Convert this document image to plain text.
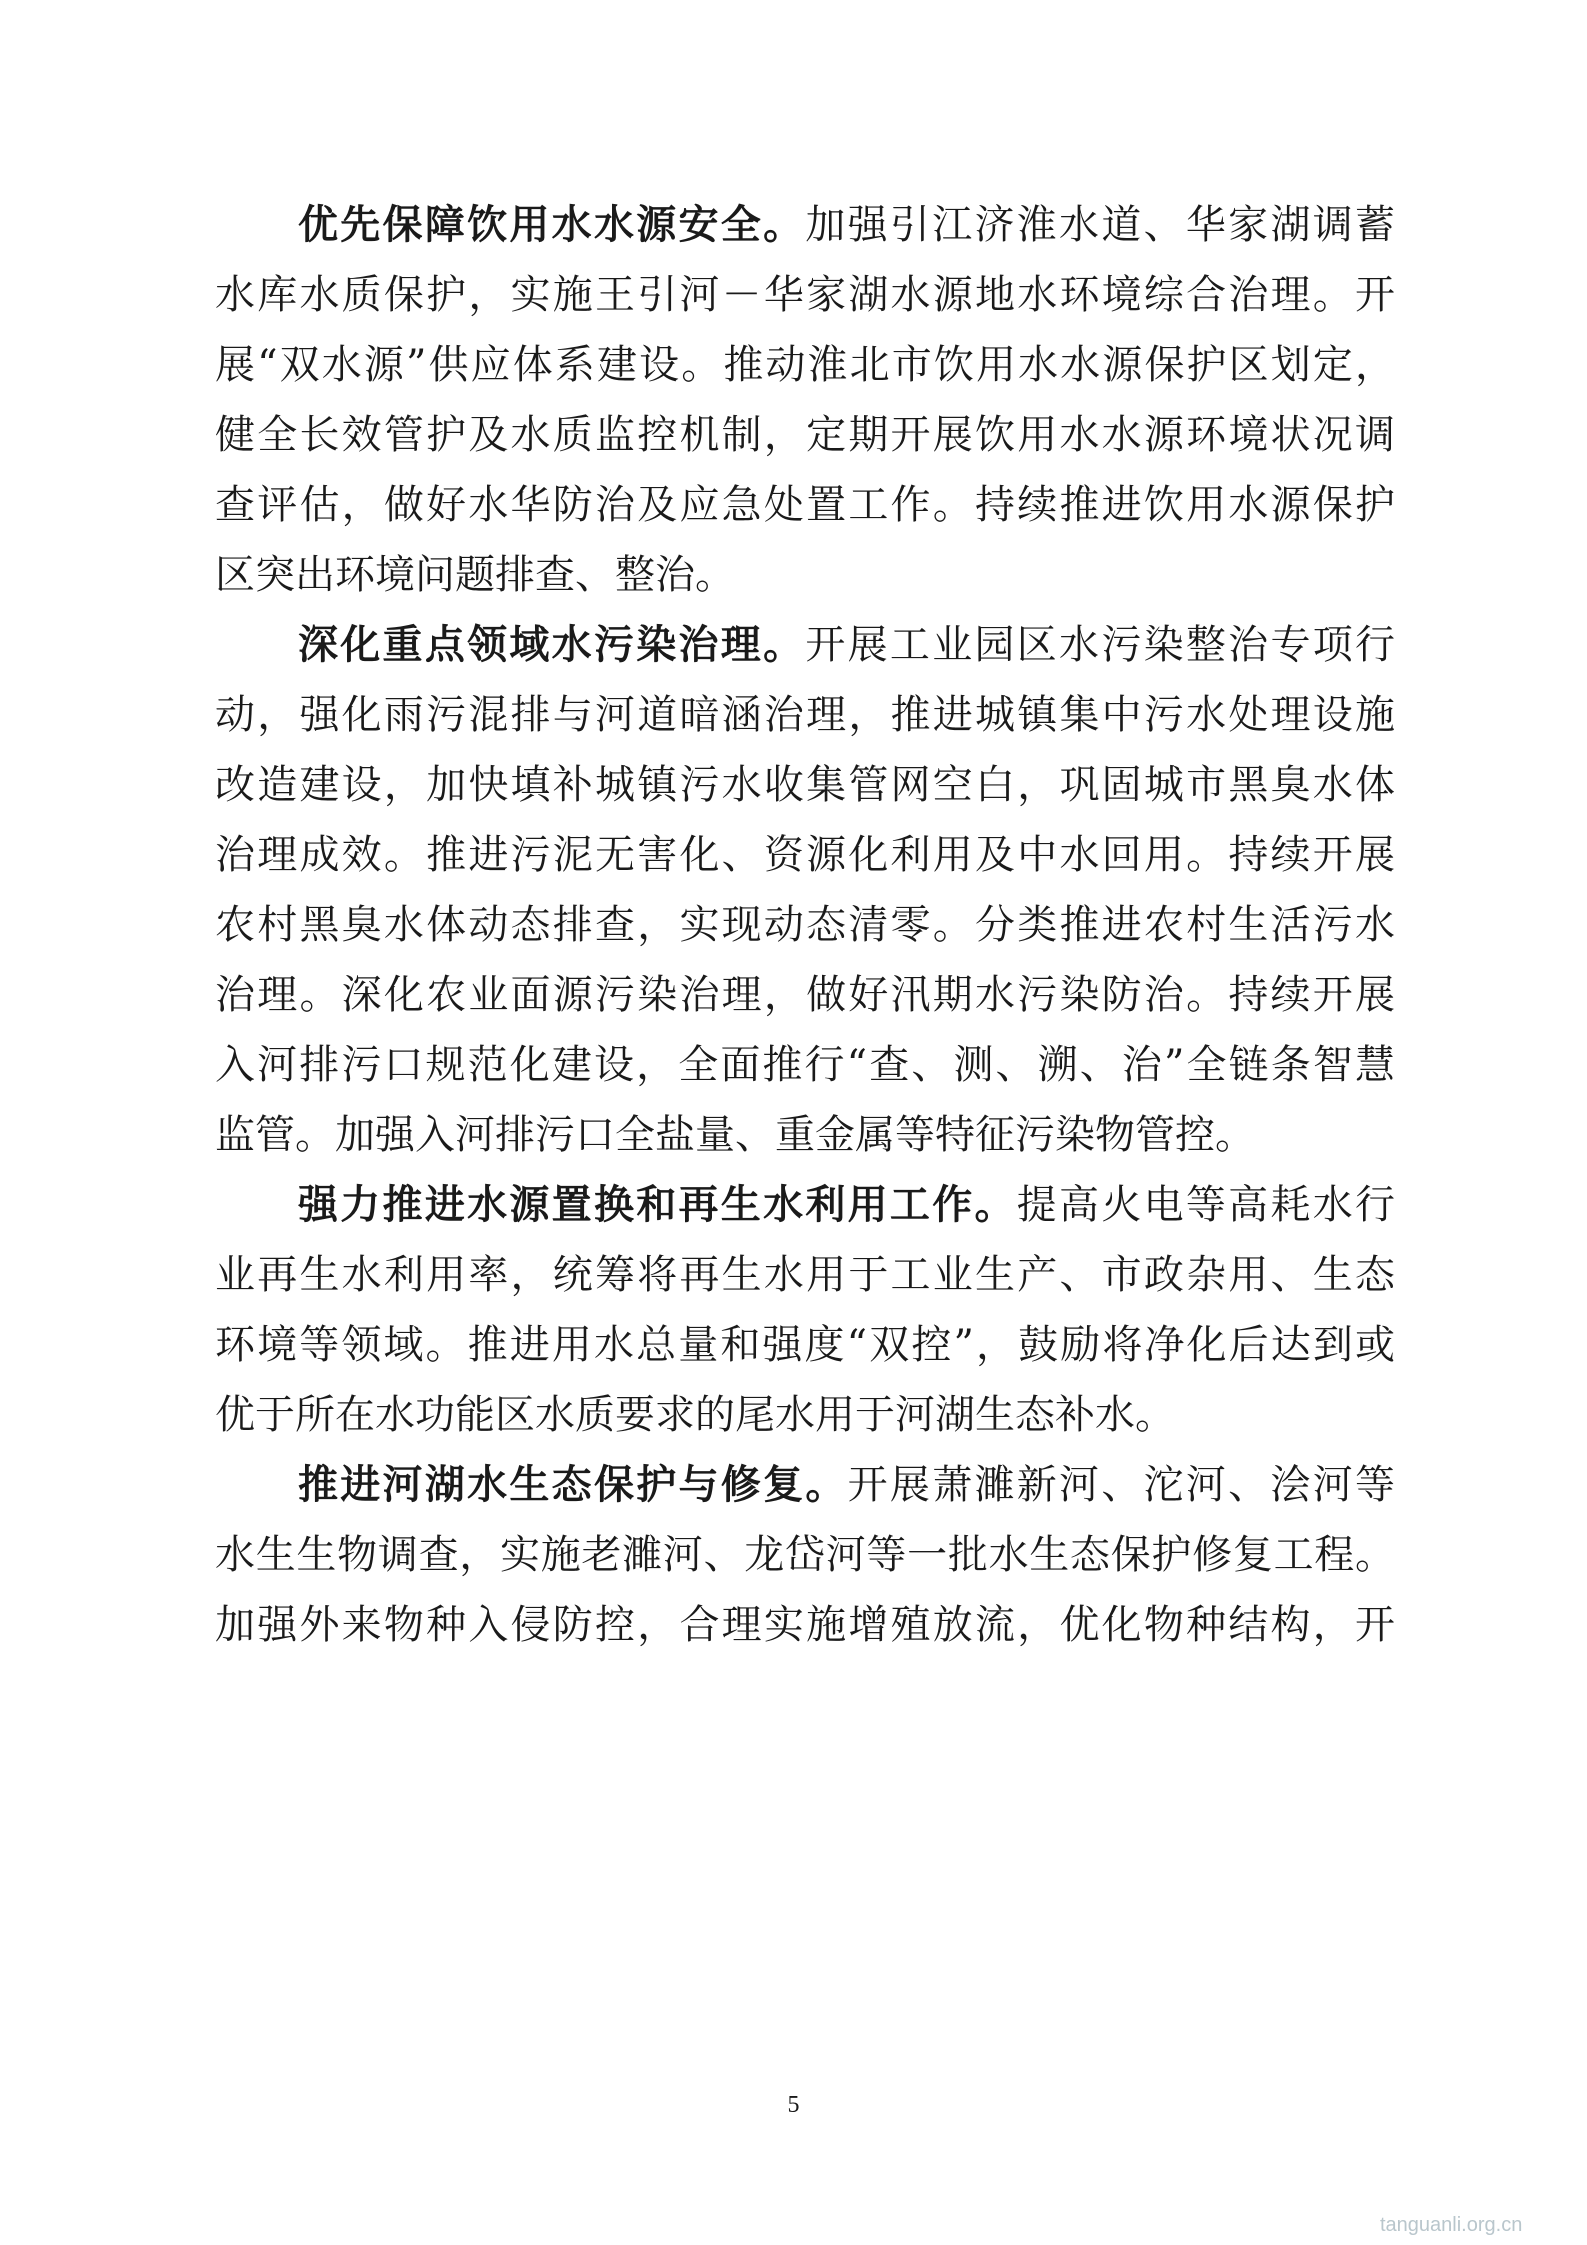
优先保障饮用水水源安全。加强引江济淮水道、华家湖调蓄
水库水质保护，实施王引河－华家湖水源地水环境综合治理。开
展“双水源”供应体系建设。推动淮北市饮用水水源保护区划定，
健全长效管护及水质监控机制，定期开展饮用水水源环境状况调
查评估，做好水华防治及应急处置工作。持续推进饮用水源保护
区突出环境问题排查、整治。
深化重点领域水污染治理。开展工业园区水污染整治专项行
动，强化雨污混排与河道暗涵治理，推进城镇集中污水处理设施
改造建设，加快填补城镇污水收集管网空白，巩固城市黑臭水体
治理成效。推进污泥无害化、资源化利用及中水回用。持续开展
农村黑臭水体动态排查，实现动态清零。分类推进农村生活污水
治理。深化农业面源污染治理，做好汛期水污染防治。持续开展
入河排污口规范化建设，全面推行“查、测、溯、治”全链条智慧
监管。加强入河排污口全盐量、重金属等特征污染物管控。
强力推进水源置换和再生水利用工作。提高火电等高耗水行
业再生水利用率，统筹将再生水用于工业生产、市政杂用、生态
环境等领域。推进用水总量和强度“双控”，鼓励将净化后达到或
优于所在水功能区水质要求的尾水用于河湖生态补水。
推进河湖水生态保护与修复。开展萧濉新河、沱河、浍河等
水生生物调查，实施老濉河、龙岱河等一批水生态保护修复工程。
加强外来物种入侵防控，合理实施增殖放流，优化物种结构，开
5
tanguanli.org.cn
